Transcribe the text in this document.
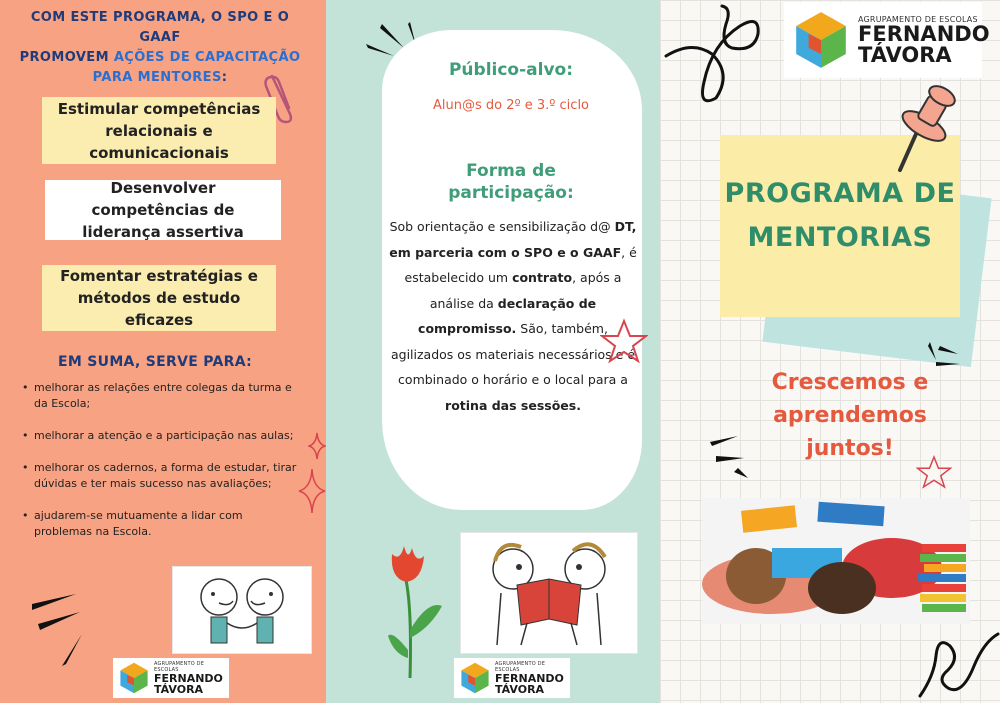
COM ESTE PROGRAMA, O SPO E O GAAF
PROMOVEM AÇÕES DE CAPACITAÇÃO
PARA MENTORES:
Estimular competências relacionais e comunicacionais
Desenvolver competências de liderança assertiva
Fomentar estratégias e métodos de estudo eficazes
EM SUMA, SERVE PARA:
• melhorar as relações entre colegas da turma e da Escola;
• melhorar a atenção e a participação nas aulas;
• melhorar os cadernos, a forma de estudar, tirar dúvidas e ter mais sucesso nas avaliações;
• ajudarem-se mutuamente a lidar com problemas na Escola.
AGRUPAMENTO DE ESCOLAS
FERNANDO
TÁVORA
Público-alvo:
Alun@s do 2º e 3.º ciclo
Forma de
participação:
Sob orientação e sensibilização d@ DT, em parceria com o SPO e o GAAF, é estabelecido um contrato, após a análise da declaração de compromisso. São, também, agilizados os materiais necessários e é combinado o horário e o local para a rotina das sessões.
AGRUPAMENTO DE ESCOLAS
FERNANDO
TÁVORA
AGRUPAMENTO DE ESCOLAS
FERNANDO
TÁVORA
PROGRAMA DE
MENTORIAS
Crescemos e aprendemos juntos!
